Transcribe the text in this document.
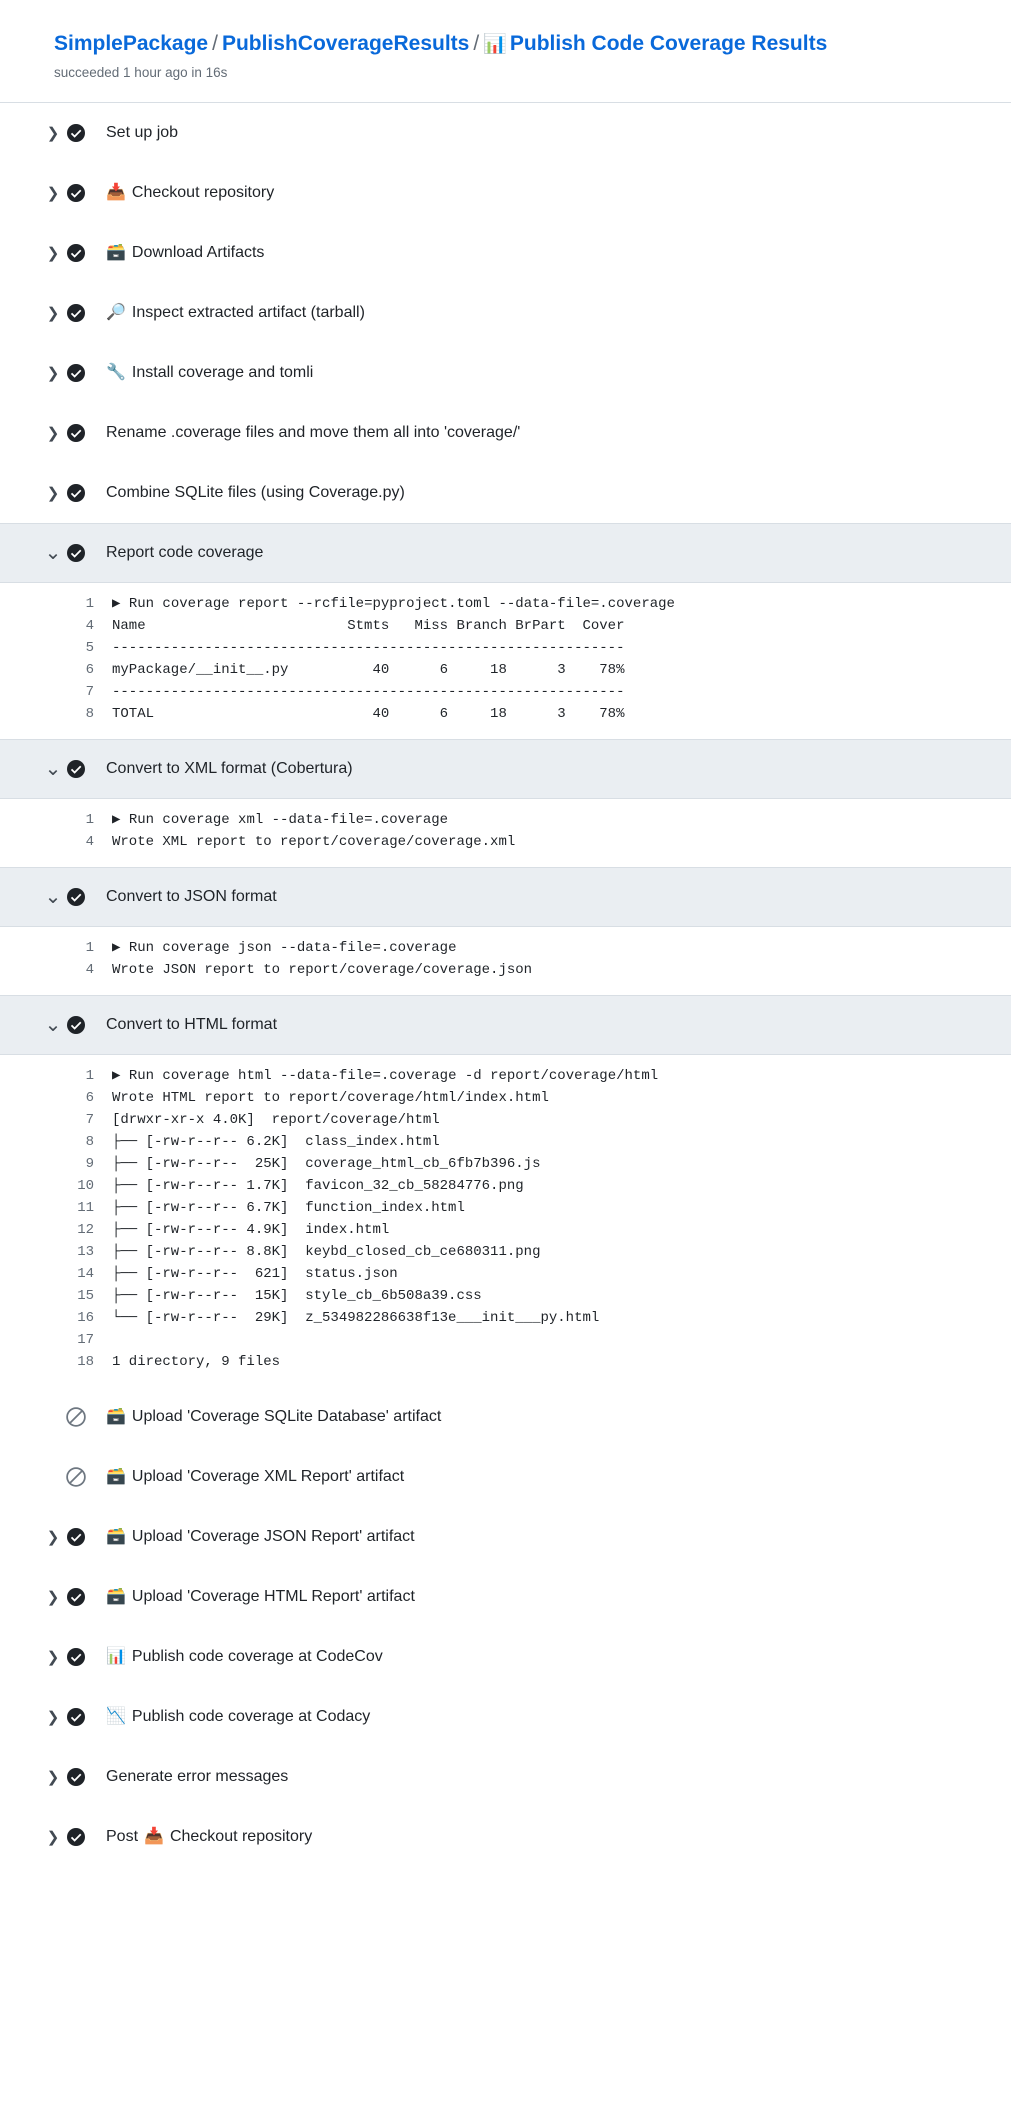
SimplePackage / PublishCoverageResults / 📊 Publish Code Coverage Results
succeeded 1 hour ago in 16s
❯	Set up job
❯	📥 Checkout repository
❯	🗃️ Download Artifacts
❯	🔎 Inspect extracted artifact (tarball)
❯	🔧 Install coverage and tomli
❯	Rename .coverage files and move them all into 'coverage/'
❯	Combine SQLite files (using Coverage.py)
⌄	Report code coverage
1	▶ Run coverage report --rcfile=pyproject.toml --data-file=.coverage
4	Name                        Stmts   Miss Branch BrPart  Cover
5	-------------------------------------------------------------
6	myPackage/__init__.py          40      6     18      3    78%
7	-------------------------------------------------------------
8	TOTAL                          40      6     18      3    78%
⌄	Convert to XML format (Cobertura)
1	▶ Run coverage xml --data-file=.coverage
4	Wrote XML report to report/coverage/coverage.xml
⌄	Convert to JSON format
1	▶ Run coverage json --data-file=.coverage
4	Wrote JSON report to report/coverage/coverage.json
⌄	Convert to HTML format
1	▶ Run coverage html --data-file=.coverage -d report/coverage/html
6	Wrote HTML report to report/coverage/html/index.html
7	[drwxr-xr-x 4.0K]  report/coverage/html
8	├── [-rw-r--r-- 6.2K]  class_index.html
9	├── [-rw-r--r--  25K]  coverage_html_cb_6fb7b396.js
10	├── [-rw-r--r-- 1.7K]  favicon_32_cb_58284776.png
11	├── [-rw-r--r-- 6.7K]  function_index.html
12	├── [-rw-r--r-- 4.9K]  index.html
13	├── [-rw-r--r-- 8.8K]  keybd_closed_cb_ce680311.png
14	├── [-rw-r--r--  621]  status.json
15	├── [-rw-r--r--  15K]  style_cb_6b508a39.css
16	└── [-rw-r--r--  29K]  z_534982286638f13e___init___py.html
17
18	1 directory, 9 files
🗃️ Upload 'Coverage SQLite Database' artifact
🗃️ Upload 'Coverage XML Report' artifact
❯	🗃️ Upload 'Coverage JSON Report' artifact
❯	🗃️ Upload 'Coverage HTML Report' artifact
❯	📊 Publish code coverage at CodeCov
❯	📉 Publish code coverage at Codacy
❯	Generate error messages
❯	Post 📥 Checkout repository
